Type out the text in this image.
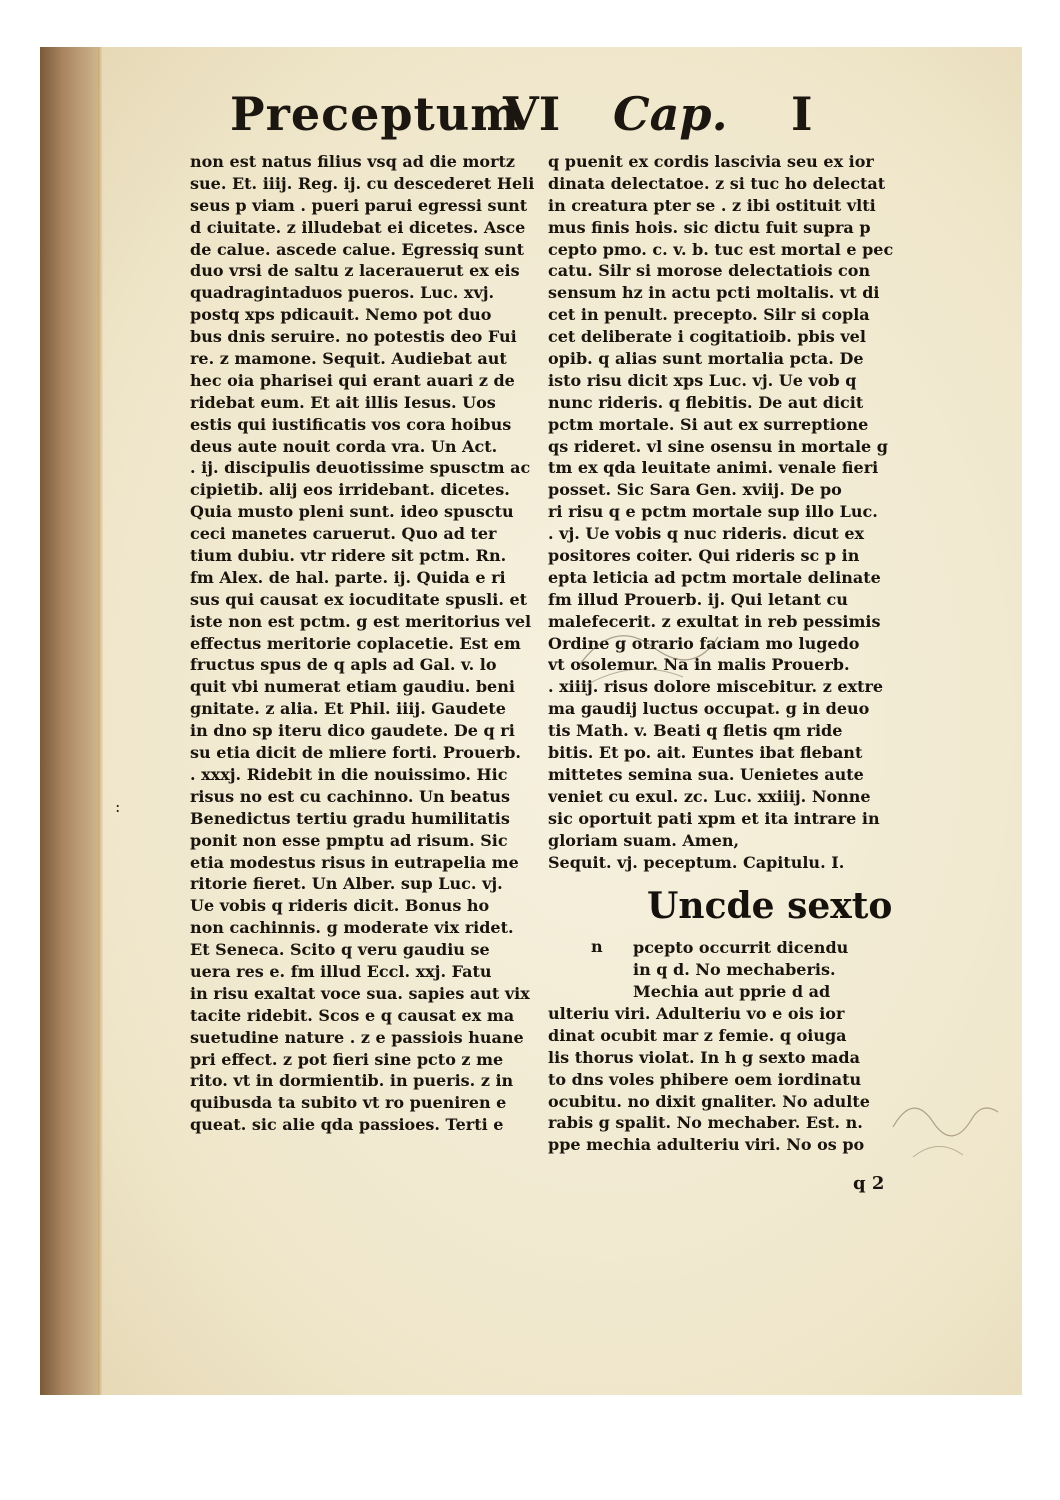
:
Preceptum
VI Cap. I
non est natus filius vsq ad die mortz
sue. Et. iiij. Reg. ij. cu descederet Heli
seus p viam . pueri parui egressi sunt
d ciuitate. z illudebat ei dicetes. Asce
de calue. ascede calue. Egressiq sunt
duo vrsi de saltu z lacerauerut ex eis
quadragintaduos pueros. Luc. xvj.
postq xps pdicauit. Nemo pot duo
bus dnis seruire. no potestis deo Fui
re. z mamone. Sequit. Audiebat aut
hec oia pharisei qui erant auari z de
ridebat eum. Et ait illis Iesus. Uos
estis qui iustificatis vos cora hoibus
deus aute nouit corda vra. Un Act.
. ij. discipulis deuotissime spusctm ac
cipietib. alij eos irridebant. dicetes.
Quia musto pleni sunt. ideo spusctu
ceci manetes caruerut. Quo ad ter
tium dubiu. vtr ridere sit pctm. Rn.
fm Alex. de hal. parte. ij. Quida e ri
sus qui causat ex iocuditate spusli. et
iste non est pctm. g est meritorius vel
effectus meritorie coplacetie. Est em
fructus spus de q apls ad Gal. v. lo
quit vbi numerat etiam gaudiu. beni
gnitate. z alia. Et Phil. iiij. Gaudete
in dno sp iteru dico gaudete. De q ri
su etia dicit de mliere forti. Prouerb.
. xxxj. Ridebit in die nouissimo. Hic
risus no est cu cachinno. Un beatus
Benedictus tertiu gradu humilitatis
ponit non esse pmptu ad risum. Sic
etia modestus risus in eutrapelia me
ritorie fieret. Un Alber. sup Luc. vj.
Ue vobis q rideris dicit. Bonus ho
non cachinnis. g moderate vix ridet.
Et Seneca. Scito q veru gaudiu se
uera res e. fm illud Eccl. xxj. Fatu
in risu exaltat voce sua. sapies aut vix
tacite ridebit. Scos e q causat ex ma
suetudine nature . z e passiois huane
pri effect. z pot fieri sine pcto z me
rito. vt in dormientib. in pueris. z in
quibusda ta subito vt ro pueniren e
queat. sic alie qda passioes. Terti e
q puenit ex cordis lascivia seu ex ior
dinata delectatoe. z si tuc ho delectat
in creatura pter se . z ibi ostituit vlti
mus finis hois. sic dictu fuit supra p
cepto pmo. c. v. b. tuc est mortal e pec
catu. Silr si morose delectatiois con
sensum hz in actu pcti moltalis. vt di
cet in penult. precepto. Silr si copla
cet deliberate i cogitatioib. pbis vel
opib. q alias sunt mortalia pcta. De
isto risu dicit xps Luc. vj. Ue vob q
nunc rideris. q flebitis. De aut dicit
pctm mortale. Si aut ex surreptione
qs rideret. vl sine osensu in mortale g
tm ex qda leuitate animi. venale fieri
posset. Sic Sara Gen. xviij. De po
ri risu q e pctm mortale sup illo Luc.
. vj. Ue vobis q nuc rideris. dicut ex
positores coiter. Qui rideris sc p in
epta leticia ad pctm mortale delinate
fm illud Prouerb. ij. Qui letant cu
malefecerit. z exultat in reb pessimis
Ordine g otrario faciam mo lugedo
vt osolemur. Na in malis Prouerb.
. xiiij. risus dolore miscebitur. z extre
ma gaudij luctus occupat. g in deuo
tis Math. v. Beati q fletis qm ride
bitis. Et po. ait. Euntes ibat flebant
mittetes semina sua. Uenietes aute
veniet cu exul. zc. Luc. xxiiij. Nonne
sic oportuit pati xpm et ita intrare in
gloriam suam. Amen,
Sequit. vj. peceptum. Capitulu. I.
Uncde sexto
n pcepto occurrit dicendu
in q d. No mechaberis.
Mechia aut pprie d ad
ulteriu viri. Adulteriu vo e ois ior
dinat ocubit mar z femie. q oiuga
lis thorus violat. In h g sexto mada
to dns voles phibere oem iordinatu
ocubitu. no dixit gnaliter. No adulte
rabis g spalit. No mechaber. Est. n.
ppe mechia adulteriu viri. No os po
q 2
